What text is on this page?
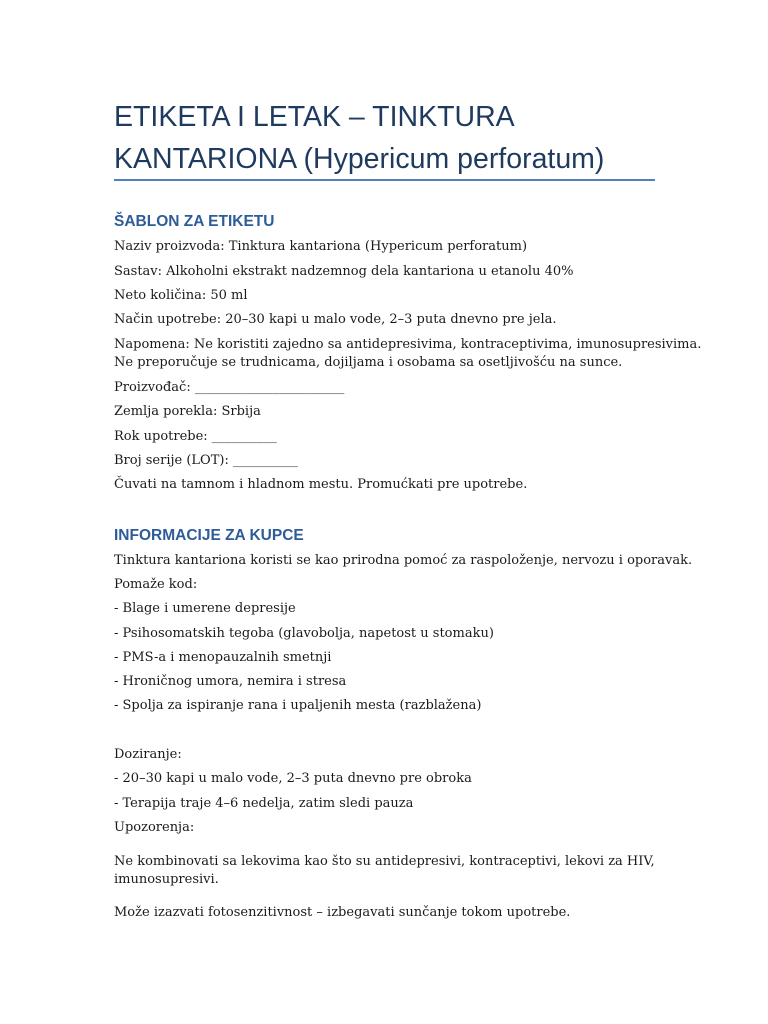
ETIKETA I LETAK – TINKTURA
KANTARIONA (Hypericum perforatum)
ŠABLON ZA ETIKETU

Naziv proizvoda: Tinktura kantariona (Hypericum perforatum)

Sastav: Alkoholni ekstrakt nadzemnog dela kantariona u etanolu 40%

Neto količina: 50 ml

Način upotrebe: 20–30 kapi u malo vode, 2–3 puta dnevno pre jela.

Napomena: Ne koristiti zajedno sa antidepresivima, kontraceptivima, imunosupresivima.

Ne preporučuje se trudnicama, dojiljama i osobama sa osetljivošću na sunce.

Proizvođač: _______________________

Zemlja porekla: Srbija

Rok upotrebe: __________

Broj serije (LOT): __________

Čuvati na tamnom i hladnom mestu. Promućkati pre upotrebe.

INFORMACIJE ZA KUPCE

Tinktura kantariona koristi se kao prirodna pomoć za raspoloženje, nervozu i oporavak.

Pomaže kod:

- Blage i umerene depresije

- Psihosomatskih tegoba (glavobolja, napetost u stomaku)

- PMS-a i menopauzalnih smetnji

- Hroničnog umora, nemira i stresa

- Spolja za ispiranje rana i upaljenih mesta (razblažena)

Doziranje:

- 20–30 kapi u malo vode, 2–3 puta dnevno pre obroka

- Terapija traje 4–6 nedelja, zatim sledi pauza

Upozorenja:

Ne kombinovati sa lekovima kao što su antidepresivi, kontraceptivi, lekovi za HIV,

imunosupresivi.

Može izazvati fotosenzitivnost – izbegavati sunčanje tokom upotrebe.
